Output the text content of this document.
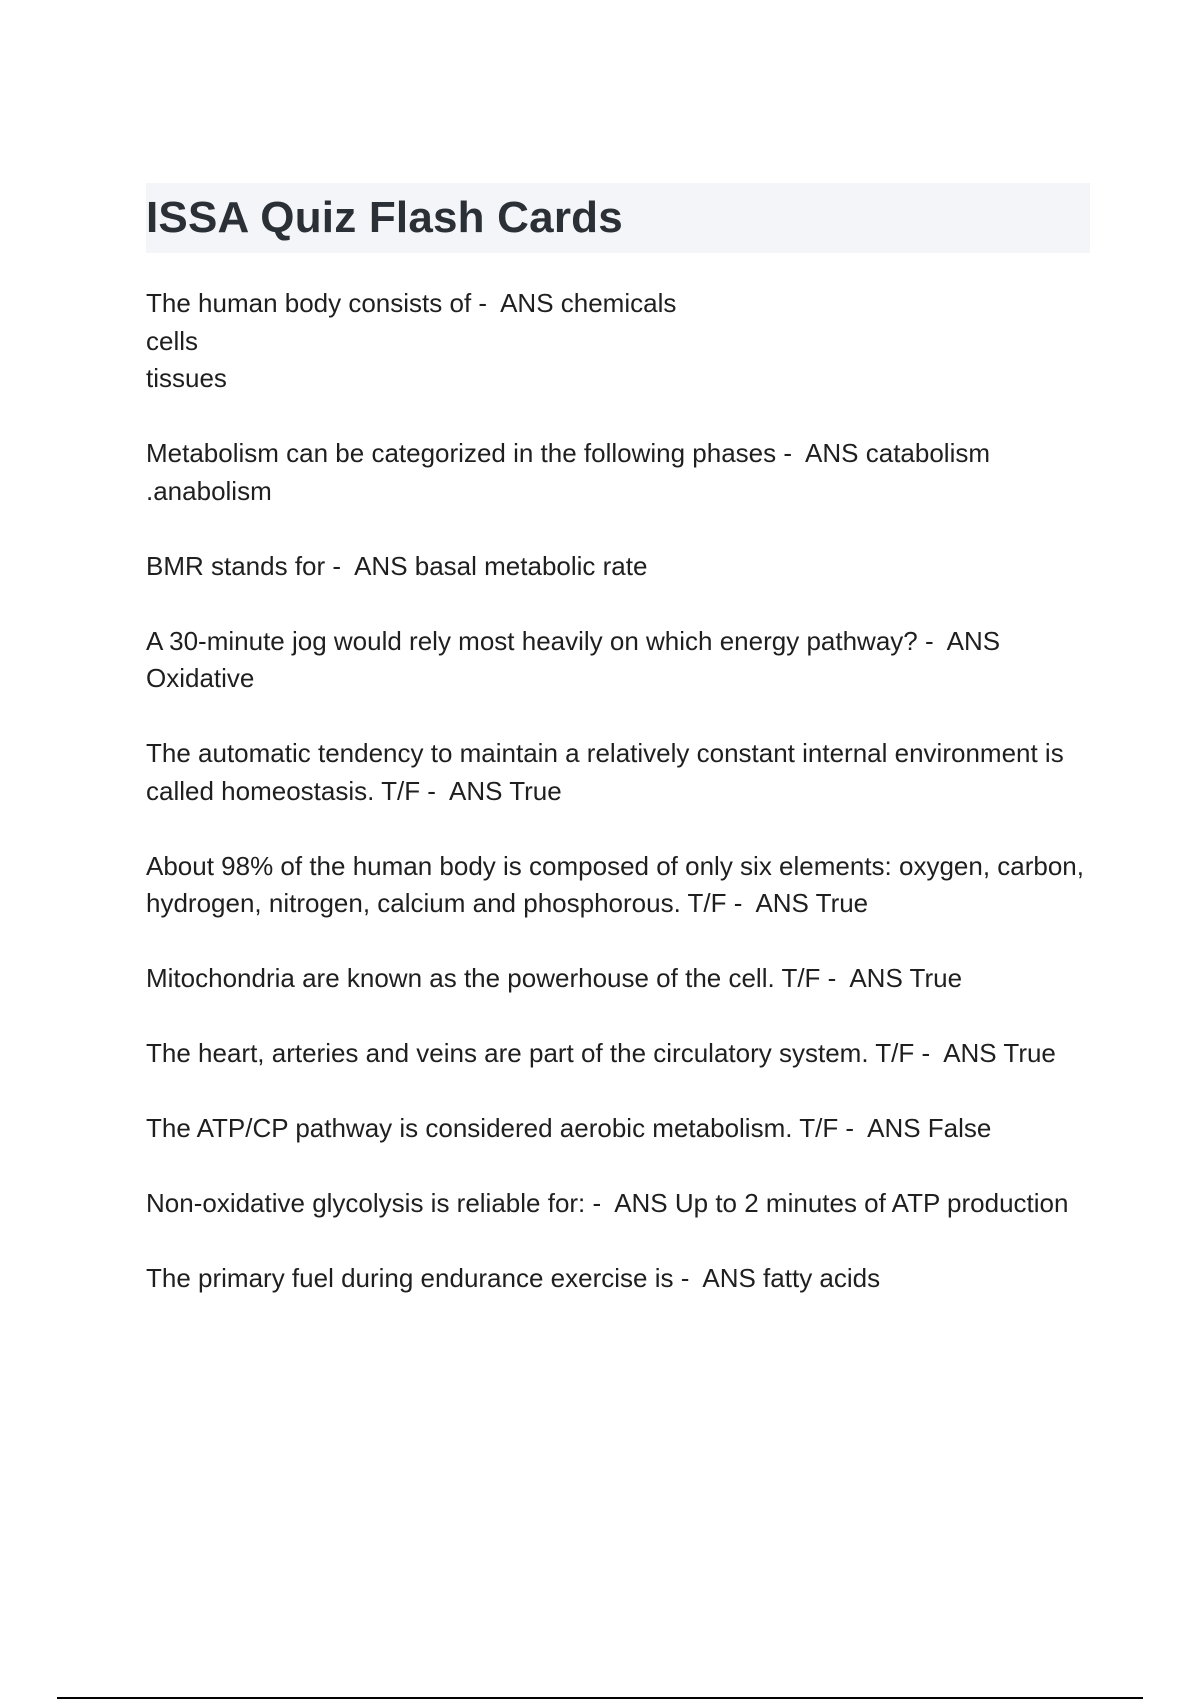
ISSA Quiz Flash Cards
The human body consists of - ANS chemicals
cells
tissues
Metabolism can be categorized in the following phases - ANS catabolism
.anabolism
BMR stands for - ANS basal metabolic rate
A 30-minute jog would rely most heavily on which energy pathway? - ANS Oxidative
The automatic tendency to maintain a relatively constant internal environment is called homeostasis. T/F - ANS True
About 98% of the human body is composed of only six elements: oxygen, carbon, hydrogen, nitrogen, calcium and phosphorous. T/F - ANS True
Mitochondria are known as the powerhouse of the cell. T/F - ANS True
The heart, arteries and veins are part of the circulatory system. T/F - ANS True
The ATP/CP pathway is considered aerobic metabolism. T/F - ANS False
Non-oxidative glycolysis is reliable for: - ANS Up to 2 minutes of ATP production
The primary fuel during endurance exercise is - ANS fatty acids
